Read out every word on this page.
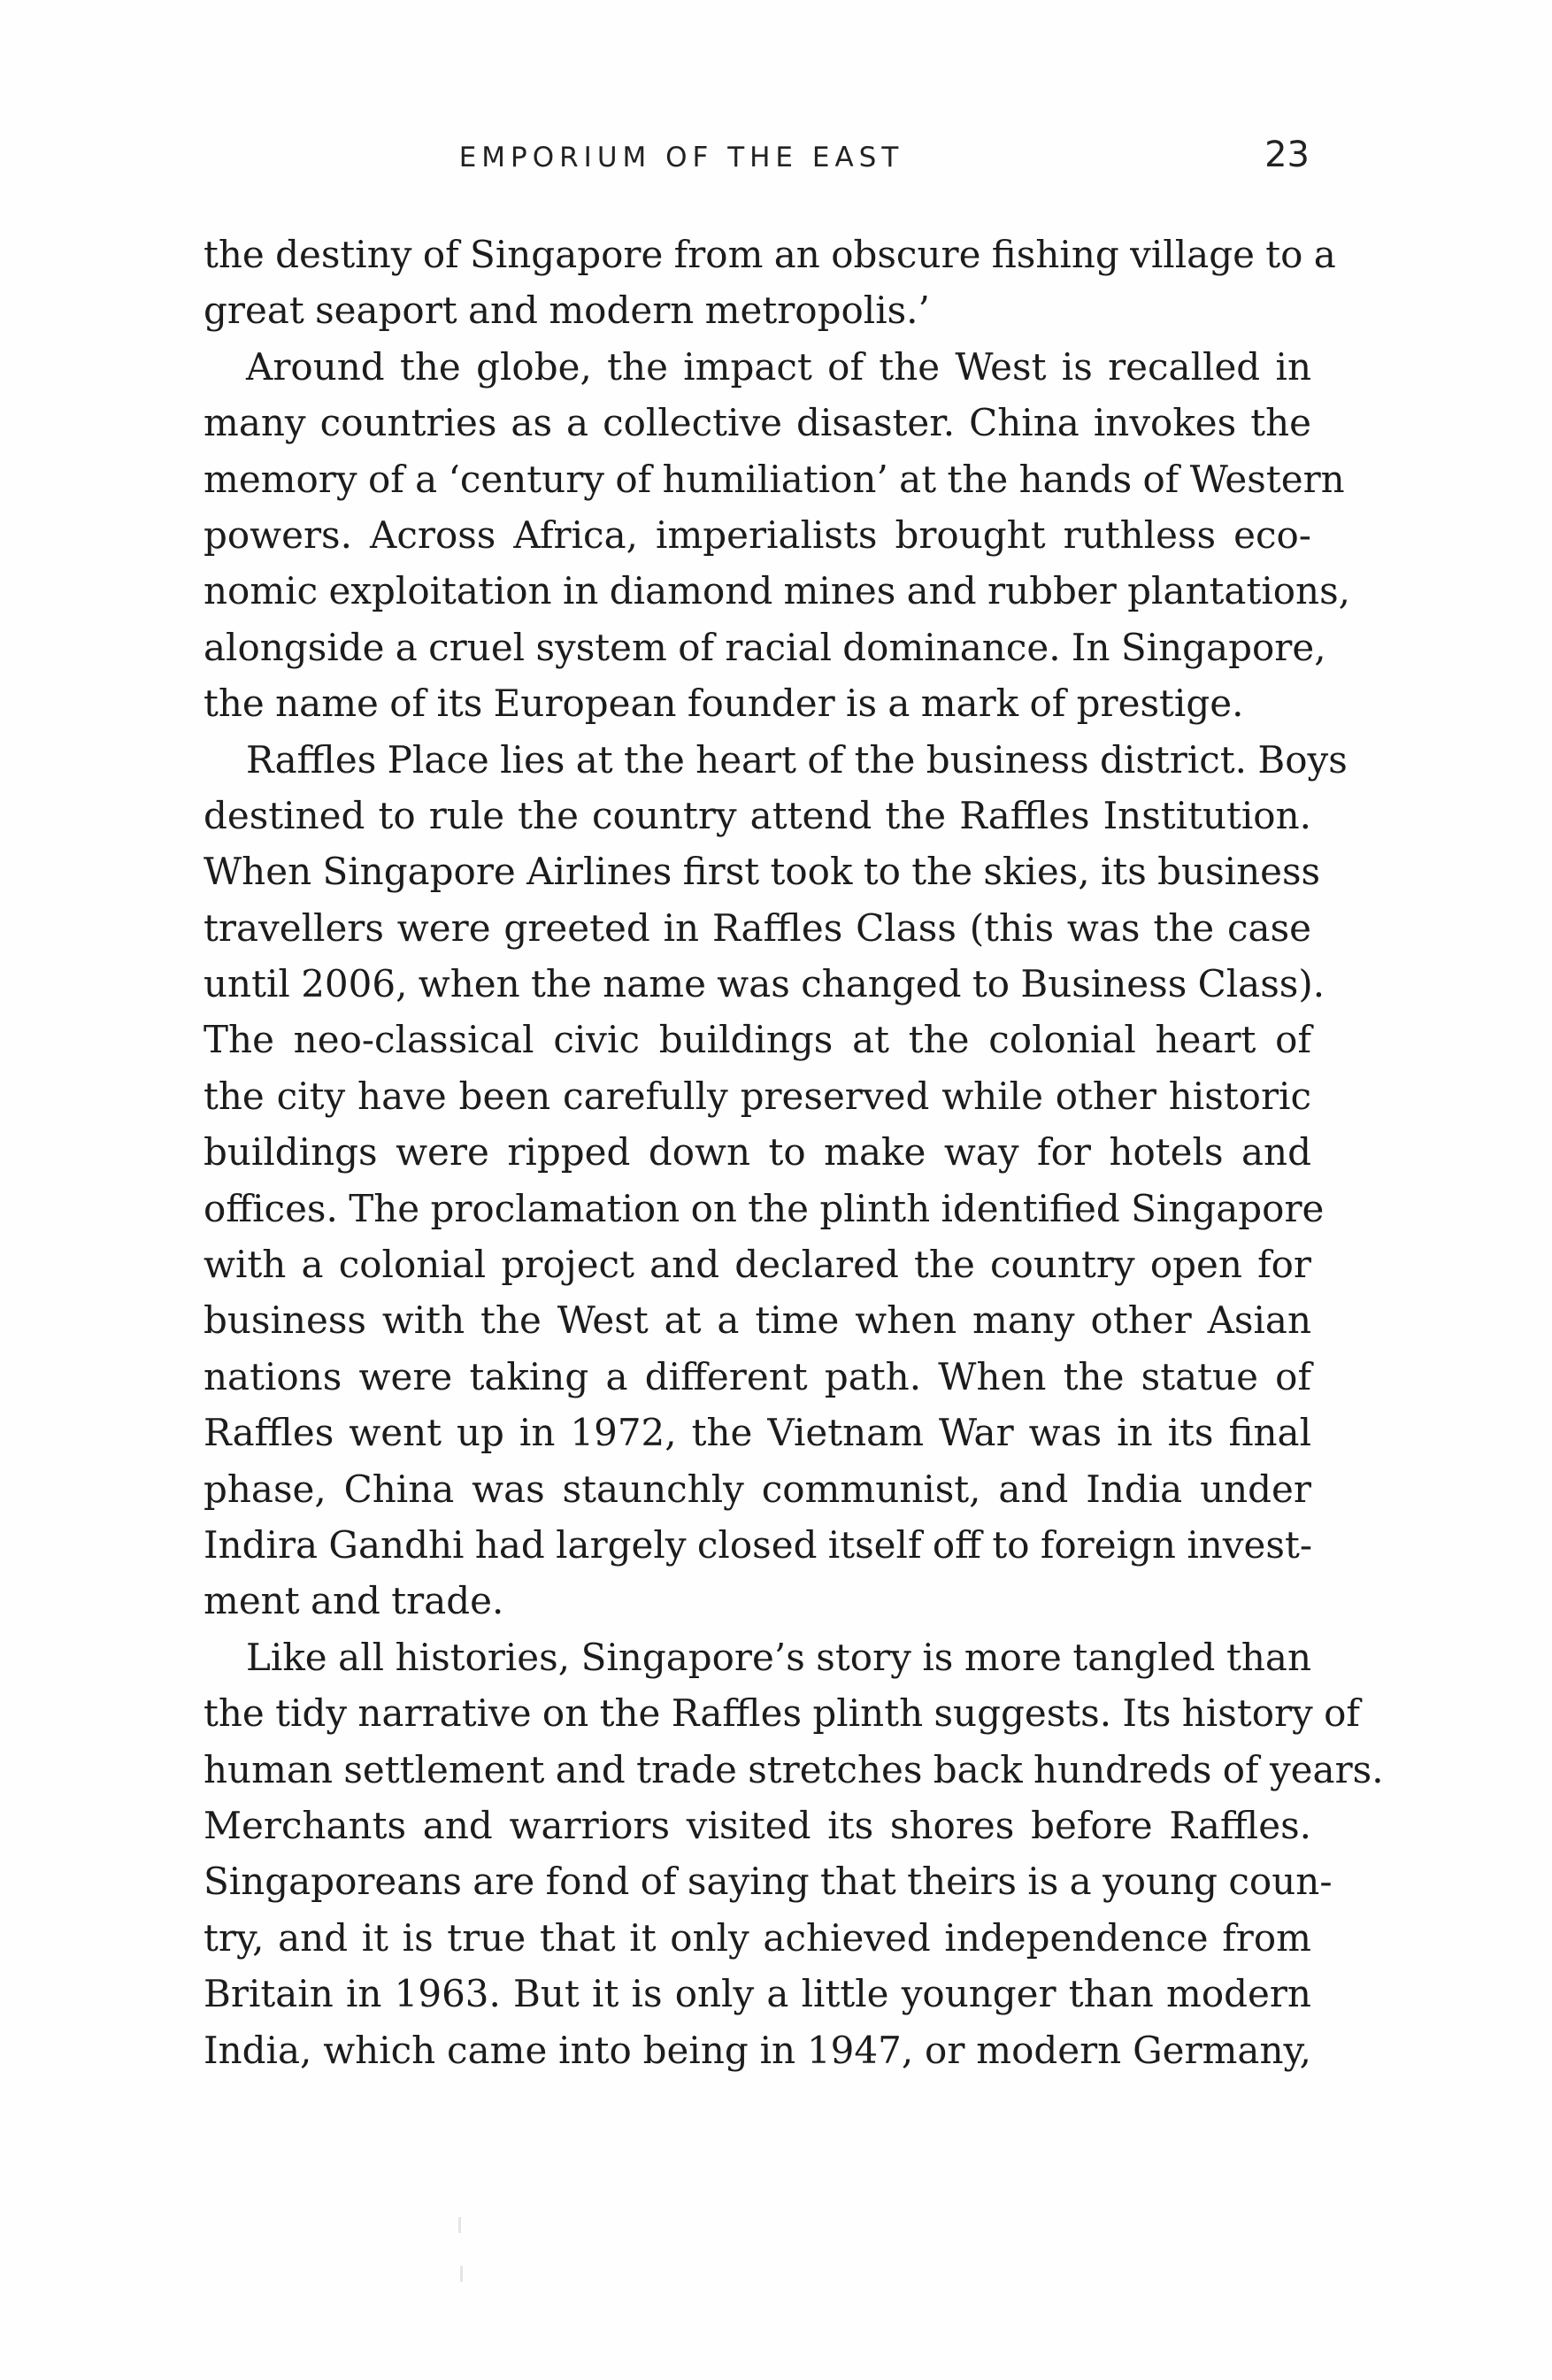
EMPORIUM OF THE EAST	23
the destiny of Singapore from an obscure fishing village to a
great seaport and modern metropolis.’
Around the globe, the impact of the West is recalled in
many countries as a collective disaster. China invokes the
memory of a ‘century of humiliation’ at the hands of Western
powers. Across Africa, imperialists brought ruthless eco-
nomic exploitation in diamond mines and rubber plantations,
alongside a cruel system of racial dominance. In Singapore,
the name of its European founder is a mark of prestige.
Raffles Place lies at the heart of the business district. Boys
destined to rule the country attend the Raffles Institution.
When Singapore Airlines first took to the skies, its business
travellers were greeted in Raffles Class (this was the case
until 2006, when the name was changed to Business Class).
The neo-classical civic buildings at the colonial heart of
the city have been carefully preserved while other historic
buildings were ripped down to make way for hotels and
offices. The proclamation on the plinth identified Singapore
with a colonial project and declared the country open for
business with the West at a time when many other Asian
nations were taking a different path. When the statue of
Raffles went up in 1972, the Vietnam War was in its final
phase, China was staunchly communist, and India under
Indira Gandhi had largely closed itself off to foreign invest-
ment and trade.
Like all histories, Singapore’s story is more tangled than
the tidy narrative on the Raffles plinth suggests. Its history of
human settlement and trade stretches back hundreds of years.
Merchants and warriors visited its shores before Raffles.
Singaporeans are fond of saying that theirs is a young coun-
try, and it is true that it only achieved independence from
Britain in 1963. But it is only a little younger than modern
India, which came into being in 1947, or modern Germany,
